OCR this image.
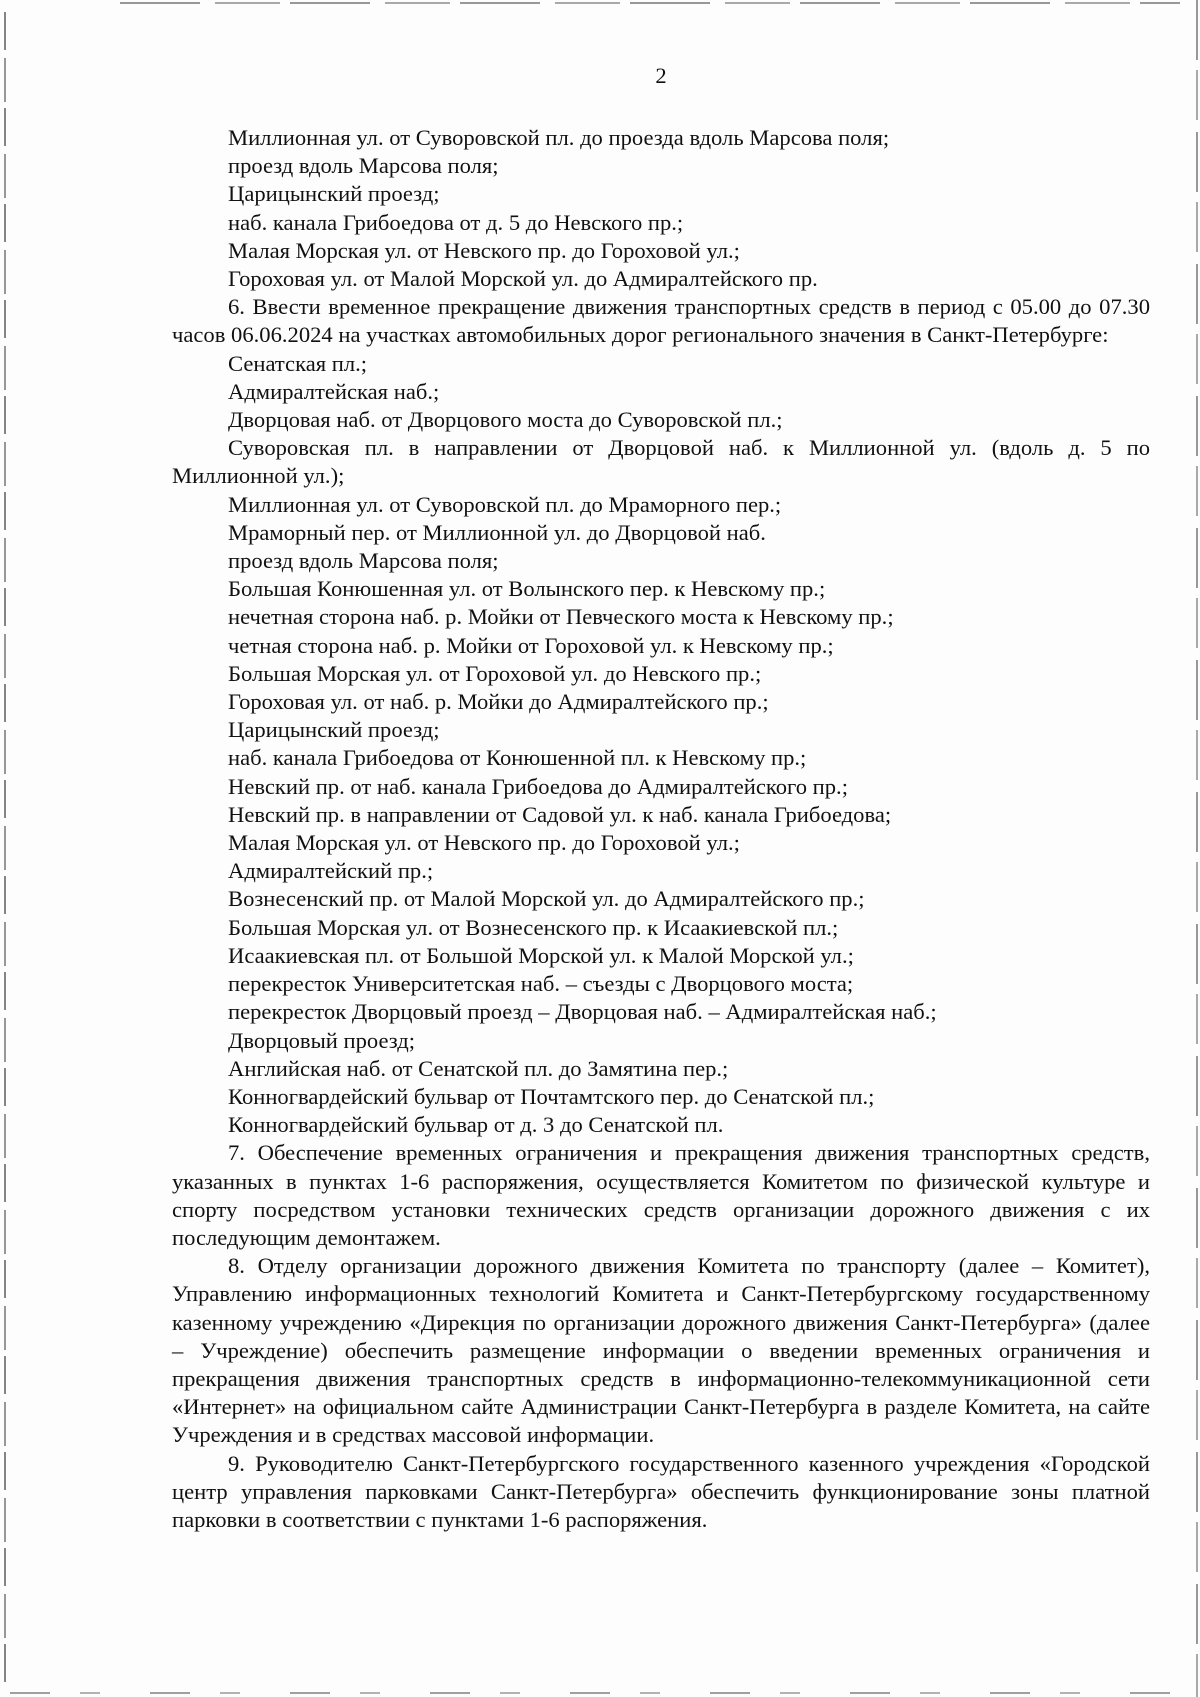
2
Миллионная ул. от Суворовской пл. до проезда вдоль Марсова поля;
проезд вдоль Марсова поля;
Царицынский проезд;
наб. канала Грибоедова от д. 5 до Невского пр.;
Малая Морская ул. от Невского пр. до Гороховой ул.;
Гороховая ул. от Малой Морской ул. до Адмиралтейского пр.

6. Ввести временное прекращение движения транспортных средств в период с 05.00 до 07.30 часов 06.06.2024 на участках автомобильных дорог регионального значения в Санкт-Петербурге:

Сенатская пл.;
Адмиралтейская наб.;
Дворцовая наб. от Дворцового моста до Суворовской пл.;
Суворовская пл. в направлении от Дворцовой наб. к Миллионной ул. (вдоль д. 5 по Миллионной ул.);
Миллионная ул. от Суворовской пл. до Мраморного пер.;
Мраморный пер. от Миллионной ул. до Дворцовой наб.
проезд вдоль Марсова поля;
Большая Конюшенная ул. от Волынского пер. к Невскому пр.;
нечетная сторона наб. р. Мойки от Певческого моста к Невскому пр.;
четная сторона наб. р. Мойки от Гороховой ул. к Невскому пр.;
Большая Морская ул. от Гороховой ул. до Невского пр.;
Гороховая ул. от наб. р. Мойки до Адмиралтейского пр.;
Царицынский проезд;
наб. канала Грибоедова от Конюшенной пл. к Невскому пр.;
Невский пр. от наб. канала Грибоедова до Адмиралтейского пр.;
Невский пр. в направлении от Садовой ул. к наб. канала Грибоедова;
Малая Морская ул. от Невского пр. до Гороховой ул.;
Адмиралтейский пр.;
Вознесенский пр. от Малой Морской ул. до Адмиралтейского пр.;
Большая Морская ул. от Вознесенского пр. к Исаакиевской пл.;
Исаакиевская пл. от Большой Морской ул. к Малой Морской ул.;
перекресток Университетская наб. – съезды с Дворцового моста;
перекресток Дворцовый проезд – Дворцовая наб. – Адмиралтейская наб.;
Дворцовый проезд;
Английская наб. от Сенатской пл. до Замятина пер.;
Конногвардейский бульвар от Почтамтского пер. до Сенатской пл.;
Конногвардейский бульвар от д. 3 до Сенатской пл.

7. Обеспечение временных ограничения и прекращения движения транспортных средств, указанных в пунктах 1-6 распоряжения, осуществляется Комитетом по физической культуре и спорту посредством установки технических средств организации дорожного движения с их последующим демонтажем.

8. Отделу организации дорожного движения Комитета по транспорту (далее – Комитет), Управлению информационных технологий Комитета и Санкт-Петербургскому государственному казенному учреждению «Дирекция по организации дорожного движения Санкт-Петербурга» (далее – Учреждение) обеспечить размещение информации о введении временных ограничения и прекращения движения транспортных средств в информационно-телекоммуникационной сети «Интернет» на официальном сайте Администрации Санкт-Петербурга в разделе Комитета, на сайте Учреждения и в средствах массовой информации.

9. Руководителю Санкт-Петербургского государственного казенного учреждения «Городской центр управления парковками Санкт-Петербурга» обеспечить функционирование зоны платной парковки в соответствии с пунктами 1-6 распоряжения.
